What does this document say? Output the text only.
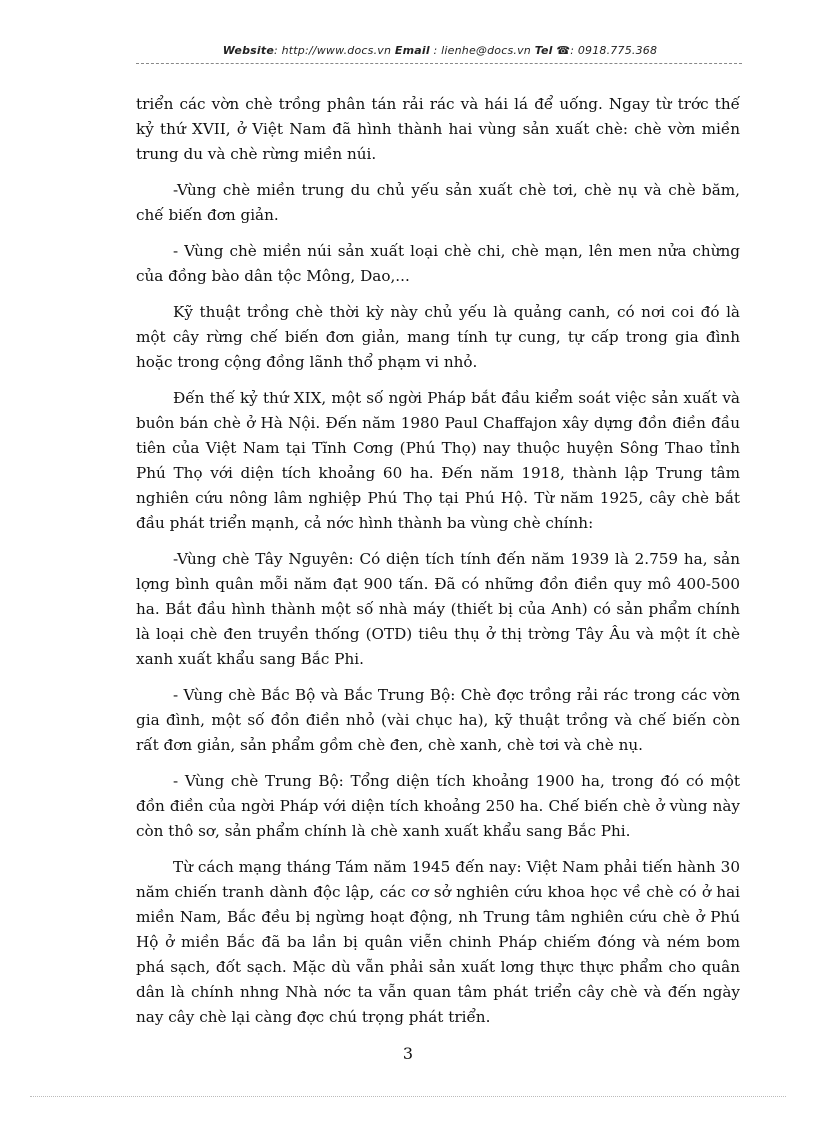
Website: http://www.docs.vn Email : lienhe@docs.vn Tel ☎: 0918.775.368

triển các vờn chè trồng phân tán rải rác và hái lá để uống. Ngay từ trớc thế kỷ thứ XVII, ở Việt Nam đã hình thành hai vùng sản xuất chè: chè vờn miền trung du và chè rừng miền núi.

-Vùng chè miền trung du chủ yếu sản xuất chè tơi, chè nụ và chè băm, chế biến đơn giản.

- Vùng chè miền núi sản xuất loại chè chi, chè mạn, lên men nửa chừng của đồng bào dân tộc Mông, Dao,...

Kỹ thuật trồng chè thời kỳ này chủ yếu là quảng canh, có nơi coi đó là một cây rừng chế biến đơn giản, mang tính tự cung, tự cấp trong gia đình hoặc trong cộng đồng lãnh thổ phạm vi nhỏ.

Đến thế kỷ thứ XIX, một số ngời Pháp bắt đầu kiểm soát việc sản xuất và buôn bán chè ở Hà Nội. Đến năm 1980 Paul Chaffajon xây dựng đồn điền đầu tiên của Việt Nam tại Tĩnh Cơng (Phú Thọ) nay thuộc huyện Sông Thao tỉnh Phú Thọ với diện tích khoảng 60 ha. Đến năm 1918, thành lập Trung tâm nghiên cứu nông lâm nghiệp Phú Thọ tại Phú Hộ. Từ năm 1925, cây chè bắt đầu phát triển mạnh, cả nớc hình thành ba vùng chè chính:

-Vùng chè Tây Nguyên: Có diện tích tính đến năm 1939 là 2.759 ha, sản lợng bình quân mỗi năm đạt 900 tấn. Đã có những đồn điền quy mô 400-500 ha. Bắt đầu hình thành một số nhà máy (thiết bị của Anh) có sản phẩm chính là loại chè đen truyền thống (OTD) tiêu thụ ở thị trờng Tây Âu và một ít chè xanh xuất khẩu sang Bắc Phi.

- Vùng chè Bắc Bộ và Bắc Trung Bộ: Chè đợc trồng rải rác trong các vờn gia đình, một số đồn điền nhỏ (vài chục ha), kỹ thuật trồng và chế biến còn rất đơn giản, sản phẩm gồm chè đen, chè xanh, chè tơi và chè nụ.

- Vùng chè Trung Bộ: Tổng diện tích khoảng 1900 ha, trong đó có một đồn điền của ngời Pháp với diện tích khoảng 250 ha. Chế biến chè ở vùng này còn thô sơ, sản phẩm chính là chè xanh xuất khẩu sang Bắc Phi.

Từ cách mạng tháng Tám năm 1945 đến nay: Việt Nam phải tiến hành 30 năm chiến tranh dành độc lập, các cơ sở nghiên cứu khoa học về chè có ở hai miền Nam, Bắc đều bị ngừng hoạt động, nh Trung tâm nghiên cứu chè ở Phú Hộ ở miền Bắc đã ba lần bị quân viễn chinh Pháp chiếm đóng và ném bom phá sạch, đốt sạch. Mặc dù vẫn phải sản xuất lơng thực thực phẩm cho quân dân là chính nhng Nhà nớc ta vẫn quan tâm phát triển cây chè và đến ngày nay cây chè lại càng đợc chú trọng phát triển.

3
